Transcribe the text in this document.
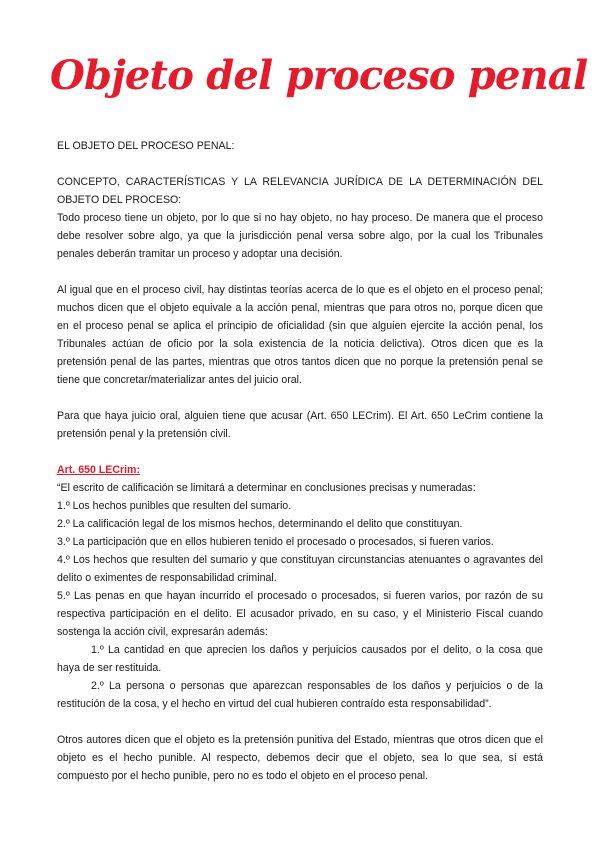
Objeto del proceso penal

EL OBJETO DEL PROCESO PENAL:

CONCEPTO, CARACTERÍSTICAS Y LA RELEVANCIA JURÍDICA DE LA DETERMINACIÓN DEL OBJETO DEL PROCESO:

Todo proceso tiene un objeto, por lo que si no hay objeto, no hay proceso. De manera que el proceso debe resolver sobre algo, ya que la jurisdicción penal versa sobre algo, por la cual los Tribunales penales deberán tramitar un proceso y adoptar una decisión.

Al igual que en el proceso civil, hay distintas teorías acerca de lo que es el objeto en el proceso penal; muchos dicen que el objeto equivale a la acción penal, mientras que para otros no, porque dicen que en el proceso penal se aplica el principio de oficialidad (sin que alguien ejercite la acción penal, los Tribunales actúan de oficio por la sola existencia de la noticia delictiva). Otros dicen que es la pretensión penal de las partes, mientras que otros tantos dicen que no porque la pretensión penal se tiene que concretar/materializar antes del juicio oral.

Para que haya juicio oral, alguien tiene que acusar (Art. 650 LECrim). El Art. 650 LeCrim contiene la pretensión penal y la pretensión civil.

Art. 650 LECrim:

“El escrito de calificación se limitará a determinar en conclusiones precisas y numeradas:

1.º Los hechos punibles que resulten del sumario.

2.º La calificación legal de los mismos hechos, determinando el delito que constituyan.

3.º La participación que en ellos hubieren tenido el procesado o procesados, si fueren varios.

4.º Los hechos que resulten del sumario y que constituyan circunstancias atenuantes o agravantes del delito o eximentes de responsabilidad criminal.

5.º Las penas en que hayan incurrido el procesado o procesados, si fueren varios, por razón de su respectiva participación en el delito. El acusador privado, en su caso, y el Ministerio Fiscal cuando sostenga la acción civil, expresarán además:

1.º La cantidad en que aprecien los daños y perjuicios causados por el delito, o la cosa que haya de ser restituida.

2.º La persona o personas que aparezcan responsables de los daños y perjuicios o de la restitución de la cosa, y el hecho en virtud del cual hubieren contraído esta responsabilidad”.

Otros autores dicen que el objeto es la pretensión punitiva del Estado, mientras que otros dicen que el objeto es el hecho punible. Al respecto, debemos decir que el objeto, sea lo que sea, sí está compuesto por el hecho punible, pero no es todo el objeto en el proceso penal.
